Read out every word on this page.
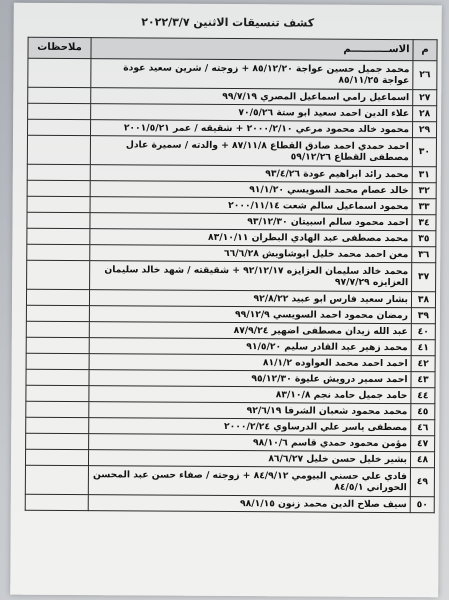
كشف تنسيقات الاثنين ٢٠٢٢/٣/٧
م	الاســـــــــــم	ملاحظات
٢٦	محمد جميل حسين عواجة ٨٥/١٢/٢٠ + زوجته / شرين سعيد عودة عواجة ٨٥/١١/٢٥	
٢٧	اسماعيل رامي اسماعيل المصري ٩٩/٧/١٩	
٢٨	علاء الدين احمد سعيد ابو ستة ٧٠/٥/٢٦	
٢٩	محمود خالد محمود مرعي ٢٠٠٠/٢/١٠ + شقيقه / عمر ٢٠٠١/٥/٢١	
٣٠	احمد حمدي احمد صادق القطاع ٨٧/١١/٨ + والدته / سميرة عادل مصطفى القطاع ٥٩/١٢/٢٦	
٣١	محمد رائد ابراهيم عودة ٩٣/٤/٢٦	
٣٢	خالد عصام محمد السويسي ٩١/١/٢٠	
٣٣	محمود اسماعيل سالم شعت ٢٠٠٠/١١/١٤	
٣٤	احمد محمود سالم اسبيتان ٩٣/١٢/٣٠	
٣٥	محمد مصطفى عبد الهادي البطران ٨٣/١٠/١١	
٣٦	معن احمد محمد خليل ابوشاويش ٦٦/٦/٢٨	
٣٧	محمد خالد سليمان العزايزه ٩٢/١٢/١٧ + شقيقته / شهد خالد سليمان العزايزه ٩٧/٧/٢٩	
٣٨	بشار سعيد فارس ابو عبيد ٩٢/٨/٢٢	
٣٩	رمضان محمود احمد السويسي ٩٩/١٢/٩	
٤٠	عبد الله زيدان مصطفى اضهير ٨٧/٩/٢٤	
٤١	محمد زهير عبد القادر سليم ٩١/٥/٢٠	
٤٢	احمد احمد محمد العواوده ٨١/١/٢	
٤٣	احمد سمير درويش عليوة ٩٥/١٢/٣٠	
٤٤	حامد جميل حامد نجم ٨٣/١٠/٨	
٤٥	محمد محمود شعبان الشرفا ٩٢/٦/١٩	
٤٦	مصطفى ياسر علي الدرساوي ٢٠٠٠/٢/٢٤	
٤٧	مؤمن محمود حمدي قاسم ٩٨/١٠/٦	
٤٨	بشير خليل حسن خليل ٨٦/٦/٢٧	
٤٩	فادي علي حسني البيومي ٨٤/٩/١٢ + زوجته / صفاء حسن عبد المحسن الحوراني ٨٤/٥/١	
٥٠	سيف صلاح الدين محمد زنون ٩٨/١/١٥	
